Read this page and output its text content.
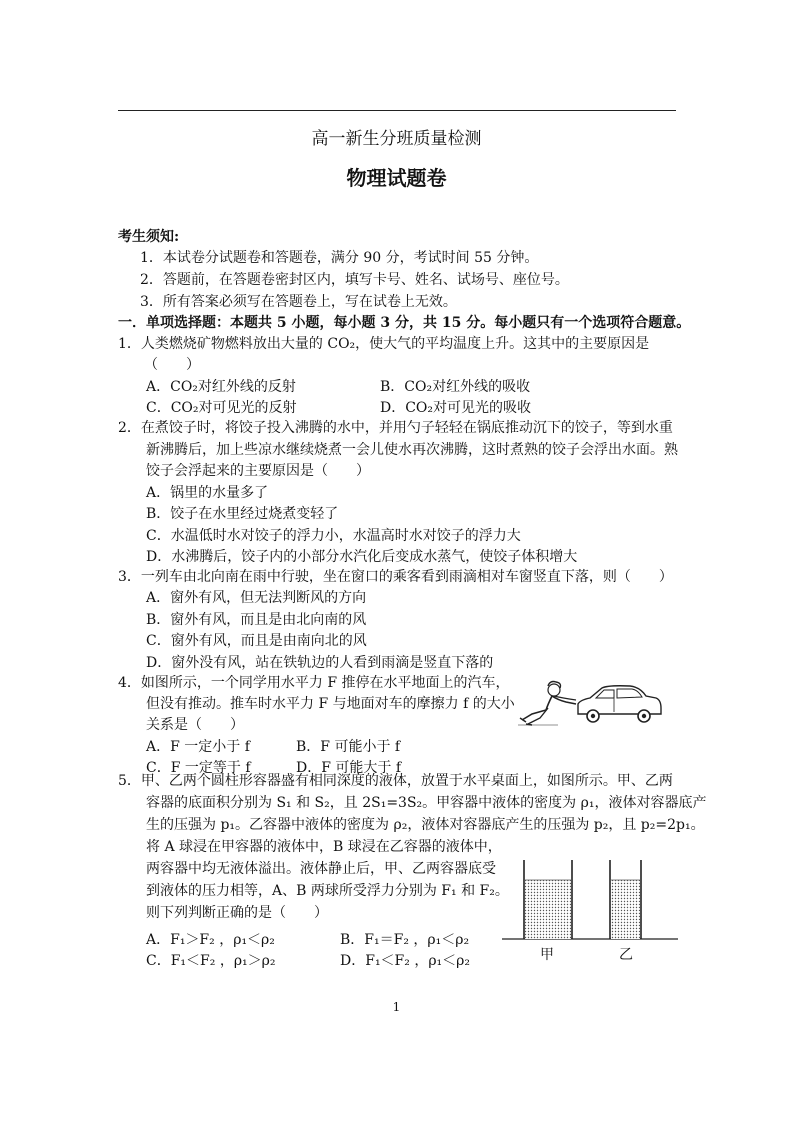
高一新生分班质量检测
物理试题卷
考生须知:
1．本试卷分试题卷和答题卷，满分 90 分，考试时间 55 分钟。
2．答题前，在答题卷密封区内，填写卡号、姓名、试场号、座位号。
3．所有答案必须写在答题卷上，写在试卷上无效。
一．单项选择题：本题共 5 小题，每小题 3 分，共 15 分。每小题只有一个选项符合题意。
1．人类燃烧矿物燃料放出大量的 CO₂，使大气的平均温度上升。这其中的主要原因是
（　　）
A．CO₂对红外线的反射	B．CO₂对红外线的吸收
C．CO₂对可见光的反射	D．CO₂对可见光的吸收
2．在煮饺子时，将饺子投入沸腾的水中，并用勺子轻轻在锅底推动沉下的饺子，等到水重
新沸腾后，加上些凉水继续烧煮一会儿使水再次沸腾，这时煮熟的饺子会浮出水面。熟
饺子会浮起来的主要原因是（　　）
A．锅里的水量多了
B．饺子在水里经过烧煮变轻了
C．水温低时水对饺子的浮力小，水温高时水对饺子的浮力大
D．水沸腾后，饺子内的小部分水汽化后变成水蒸气，使饺子体积增大
3．一列车由北向南在雨中行驶，坐在窗口的乘客看到雨滴相对车窗竖直下落，则（　　）
A．窗外有风，但无法判断风的方向
B．窗外有风，而且是由北向南的风
C．窗外有风，而且是由南向北的风
D．窗外没有风，站在铁轨边的人看到雨滴是竖直下落的
4．如图所示，一个同学用水平力 F 推停在水平地面上的汽车，
但没有推动。推车时水平力 F 与地面对车的摩擦力 f 的大小
关系是（　　）
A．F 一定小于 f	B．F 可能小于 f
C．F 一定等于 f	D．F 可能大于 f
5．甲、乙两个圆柱形容器盛有相同深度的液体，放置于水平桌面上，如图所示。甲、乙两
容器的底面积分别为 S₁ 和 S₂，且 2S₁=3S₂。甲容器中液体的密度为 ρ₁，液体对容器底产
生的压强为 p₁。乙容器中液体的密度为 ρ₂，液体对容器底产生的压强为 p₂，且 p₂=2p₁。
将 A 球浸在甲容器的液体中，B 球浸在乙容器的液体中，
两容器中均无液体溢出。液体静止后，甲、乙两容器底受
到液体的压力相等，A、B 两球所受浮力分别为 F₁ 和 F₂。
则下列判断正确的是（　　）
A．F₁＞F₂ ，ρ₁＜ρ₂	B．F₁＝F₂ ，ρ₁＜ρ₂
C．F₁＜F₂ ，ρ₁＞ρ₂	D．F₁＜F₂ ，ρ₁＜ρ₂	甲	乙
1
